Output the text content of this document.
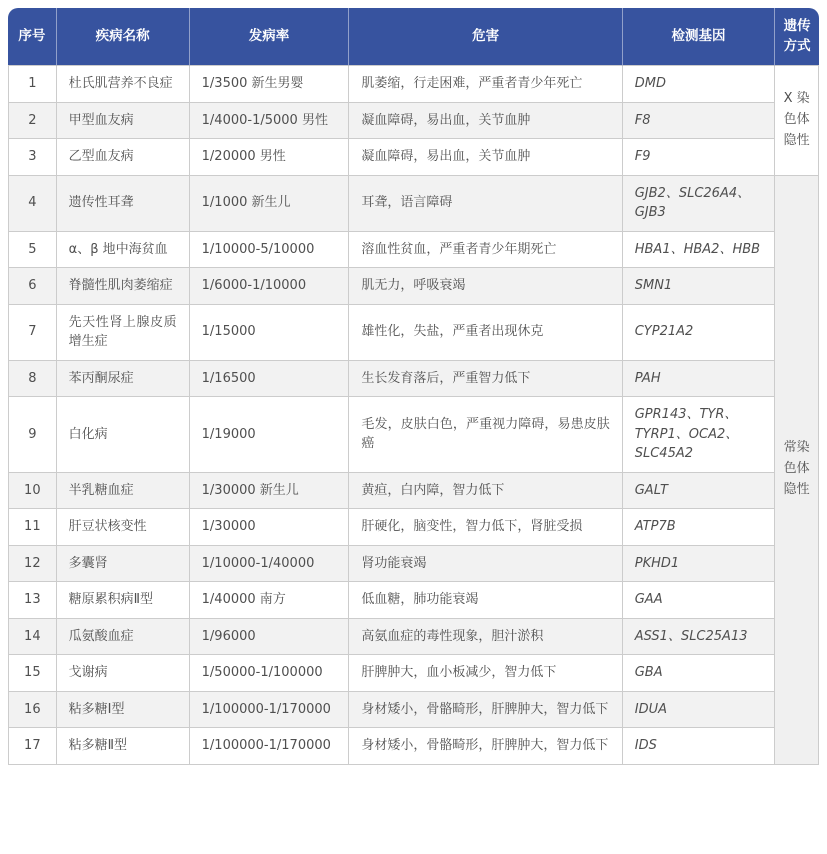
序号	疾病名称	发病率	危害	检测基因	遗传方式
1	杜氏肌营养不良症	1/3500 新生男婴	肌萎缩，行走困难，严重者青少年死亡	DMD	X 染色体隐性
2	甲型血友病	1/4000-1/5000 男性	凝血障碍，易出血，关节血肿	F8	
3	乙型血友病	1/20000 男性	凝血障碍，易出血，关节血肿	F9	
4	遗传性耳聋	1/1000 新生儿	耳聋，语言障碍	GJB2、SLC26A4、GJB3	常染色体隐性
5	α、β 地中海贫血	1/10000-5/10000	溶血性贫血，严重者青少年期死亡	HBA1、HBA2、HBB	
6	脊髓性肌肉萎缩症	1/6000-1/10000	肌无力，呼吸衰竭	SMN1	
7	先天性肾上腺皮质增生症	1/15000	雄性化，失盐，严重者出现休克	CYP21A2	
8	苯丙酮尿症	1/16500	生长发育落后，严重智力低下	PAH	
9	白化病	1/19000	毛发，皮肤白色，严重视力障碍，易患皮肤癌	GPR143、TYR、TYRP1、OCA2、SLC45A2	
10	半乳糖血症	1/30000 新生儿	黄疸，白内障，智力低下	GALT	
11	肝豆状核变性	1/30000	肝硬化，脑变性，智力低下，肾脏受损	ATP7B	
12	多囊肾	1/10000-1/40000	肾功能衰竭	PKHD1	
13	糖原累积病Ⅱ型	1/40000 南方	低血糖，肺功能衰竭	GAA	
14	瓜氨酸血症	1/96000	高氨血症的毒性现象，胆汁淤积	ASS1、SLC25A13	
15	戈谢病	1/50000-1/100000	肝脾肿大，血小板减少，智力低下	GBA	
16	粘多糖Ⅰ型	1/100000-1/170000	身材矮小，骨骼畸形，肝脾肿大，智力低下	IDUA	
17	粘多糖Ⅱ型	1/100000-1/170000	身材矮小，骨骼畸形，肝脾肿大，智力低下	IDS	
